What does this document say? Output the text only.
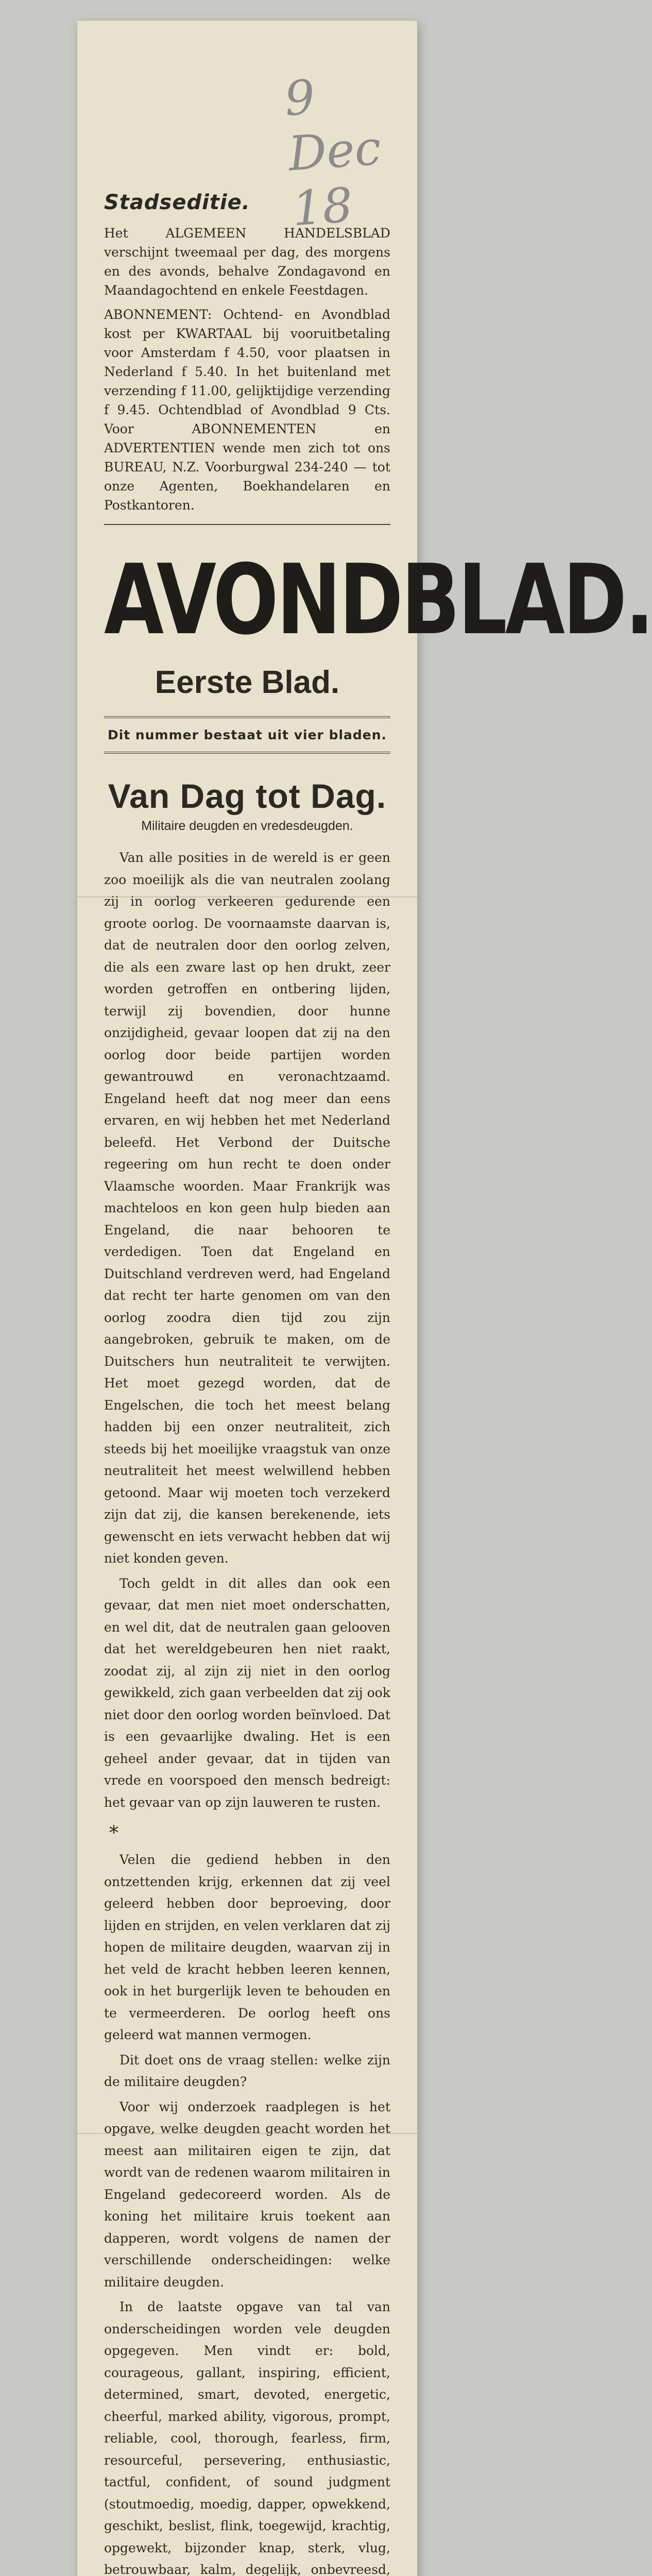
9 Dec 18
Stadseditie.

Het ALGEMEEN HANDELSBLAD verschijnt tweemaal per dag, des morgens en des avonds, behalve Zondagavond en Maandagochtend en enkele Feestdagen.

ABONNEMENT: Ochtend- en Avondblad kost per KWARTAAL bij vooruitbetaling voor Amsterdam f 4.50, voor plaatsen in Nederland f 5.40. In het buitenland met verzending f 11.00, gelijktijdige verzending f 9.45. Ochtendblad of Avondblad 9 Cts. Voor ABONNEMENTEN en ADVERTENTIEN wende men zich tot ons BUREAU, N.Z. Voorburgwal 234-240 — tot onze Agenten, Boekhandelaren en Postkantoren.

AVONDBLAD.
Eerste Blad.
Dit nummer bestaat uit vier bladen.
Van Dag tot Dag.
Militaire deugden en vredesdeugden.

Van alle posities in de wereld is er geen zoo moeilijk als die van neutralen zoolang zij in oorlog verkeeren gedurende een groote oorlog. De voornaamste daarvan is, dat de neutralen door den oorlog zelven, die als een zware last op hen drukt, zeer worden getroffen en ontbering lijden, terwijl zij bovendien, door hunne onzijdigheid, gevaar loopen dat zij na den oorlog door beide partijen worden gewantrouwd en veronachtzaamd. Engeland heeft dat nog meer dan eens ervaren, en wij hebben het met Nederland beleefd. Het Verbond der Duitsche regeering om hun recht te doen onder Vlaamsche woorden. Maar Frankrijk was machteloos en kon geen hulp bieden aan Engeland, die naar behooren te verdedigen. Toen dat Engeland en Duitschland verdreven werd, had Engeland dat recht ter harte genomen om van den oorlog zoodra dien tijd zou zijn aangebroken, gebruik te maken, om de Duitschers hun neutraliteit te verwijten. Het moet gezegd worden, dat de Engelschen, die toch het meest belang hadden bij een onzer neutraliteit, zich steeds bij het moeilijke vraagstuk van onze neutraliteit het meest welwillend hebben getoond. Maar wij moeten toch verzekerd zijn dat zij, die kansen berekenende, iets gewenscht en iets verwacht hebben dat wij niet konden geven.

Toch geldt in dit alles dan ook een gevaar, dat men niet moet onderschatten, en wel dit, dat de neutralen gaan gelooven dat het wereldgebeuren hen niet raakt, zoodat zij, al zijn zij niet in den oorlog gewikkeld, zich gaan verbeelden dat zij ook niet door den oorlog worden beïnvloed. Dat is een gevaarlijke dwaling. Het is een geheel ander gevaar, dat in tijden van vrede en voorspoed den mensch bedreigt: het gevaar van op zijn lauweren te rusten.

*

Velen die gediend hebben in den ontzettenden krijg, erkennen dat zij veel geleerd hebben door beproeving, door lijden en strijden, en velen verklaren dat zij hopen de militaire deugden, waarvan zij in het veld de kracht hebben leeren kennen, ook in het burgerlijk leven te behouden en te vermeerderen. De oorlog heeft ons geleerd wat mannen vermogen.

Dit doet ons de vraag stellen: welke zijn de militaire deugden?

Voor wij onderzoek raadplegen is het opgave, welke deugden geacht worden het meest aan militairen eigen te zijn, dat wordt van de redenen waarom militairen in Engeland gedecoreerd worden. Als de koning het militaire kruis toekent aan dapperen, wordt volgens de namen der verschillende onderscheidingen: welke militaire deugden.

In de laatste opgave van tal van onderscheidingen worden vele deugden opgegeven. Men vindt er: bold, courageous, gallant, inspiring, efficient, determined, smart, devoted, energetic, cheerful, marked ability, vigorous, prompt, reliable, cool, thorough, fearless, firm, resourceful, persevering, enthusiastic, tactful, confident, of sound judgment (stoutmoedig, moedig, dapper, opwekkend, geschikt, beslist, flink, toegewijd, krachtig, opgewekt, bijzonder knap, sterk, vlug, betrouwbaar, kalm, degelijk, onbevreesd,
